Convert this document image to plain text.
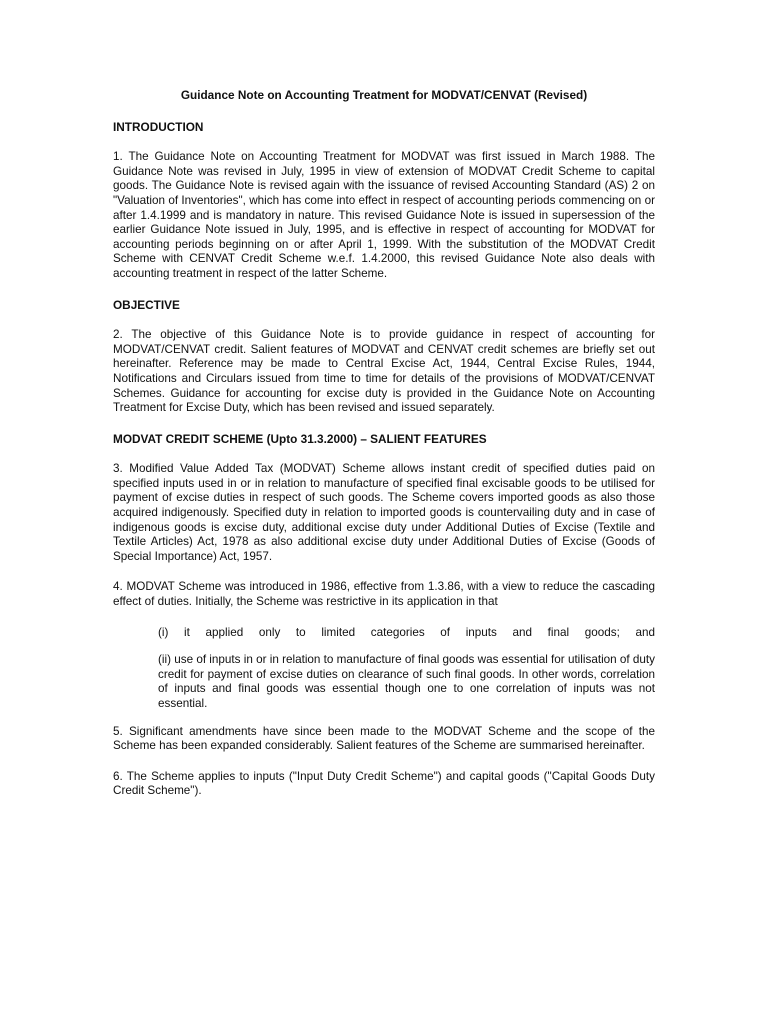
Guidance Note on Accounting Treatment for MODVAT/CENVAT (Revised)
INTRODUCTION
1. The Guidance Note on Accounting Treatment for MODVAT was first issued in March 1988. The Guidance Note was revised in July, 1995 in view of extension of MODVAT Credit Scheme to capital goods. The Guidance Note is revised again with the issuance of revised Accounting Standard (AS) 2 on "Valuation of Inventories", which has come into effect in respect of accounting periods commencing on or after 1.4.1999 and is mandatory in nature. This revised Guidance Note is issued in supersession of the earlier Guidance Note issued in July, 1995, and is effective in respect of accounting for MODVAT for accounting periods beginning on or after April 1, 1999. With the substitution of the MODVAT Credit Scheme with CENVAT Credit Scheme w.e.f. 1.4.2000, this revised Guidance Note also deals with accounting treatment in respect of the latter Scheme.
OBJECTIVE
2. The objective of this Guidance Note is to provide guidance in respect of accounting for MODVAT/CENVAT credit. Salient features of MODVAT and CENVAT credit schemes are briefly set out hereinafter. Reference may be made to Central Excise Act, 1944, Central Excise Rules, 1944, Notifications and Circulars issued from time to time for details of the provisions of MODVAT/CENVAT Schemes. Guidance for accounting for excise duty is provided in the Guidance Note on Accounting Treatment for Excise Duty, which has been revised and issued separately.
MODVAT CREDIT SCHEME (Upto 31.3.2000) – SALIENT FEATURES
3. Modified Value Added Tax (MODVAT) Scheme allows instant credit of specified duties paid on specified inputs used in or in relation to manufacture of specified final excisable goods to be utilised for payment of excise duties in respect of such goods. The Scheme covers imported goods as also those acquired indigenously. Specified duty in relation to imported goods is countervailing duty and in case of indigenous goods is excise duty, additional excise duty under Additional Duties of Excise (Textile and Textile Articles) Act, 1978 as also additional excise duty under Additional Duties of Excise (Goods of Special Importance) Act, 1957.
4. MODVAT Scheme was introduced in 1986, effective from 1.3.86, with a view to reduce the cascading effect of duties. Initially, the Scheme was restrictive in its application in that
(i) it applied only to limited categories of inputs and final goods; and
(ii) use of inputs in or in relation to manufacture of final goods was essential for utilisation of duty credit for payment of excise duties on clearance of such final goods. In other words, correlation of inputs and final goods was essential though one to one correlation of inputs was not essential.
5. Significant amendments have since been made to the MODVAT Scheme and the scope of the Scheme has been expanded considerably. Salient features of the Scheme are summarised hereinafter.
6. The Scheme applies to inputs ("Input Duty Credit Scheme") and capital goods ("Capital Goods Duty Credit Scheme").
